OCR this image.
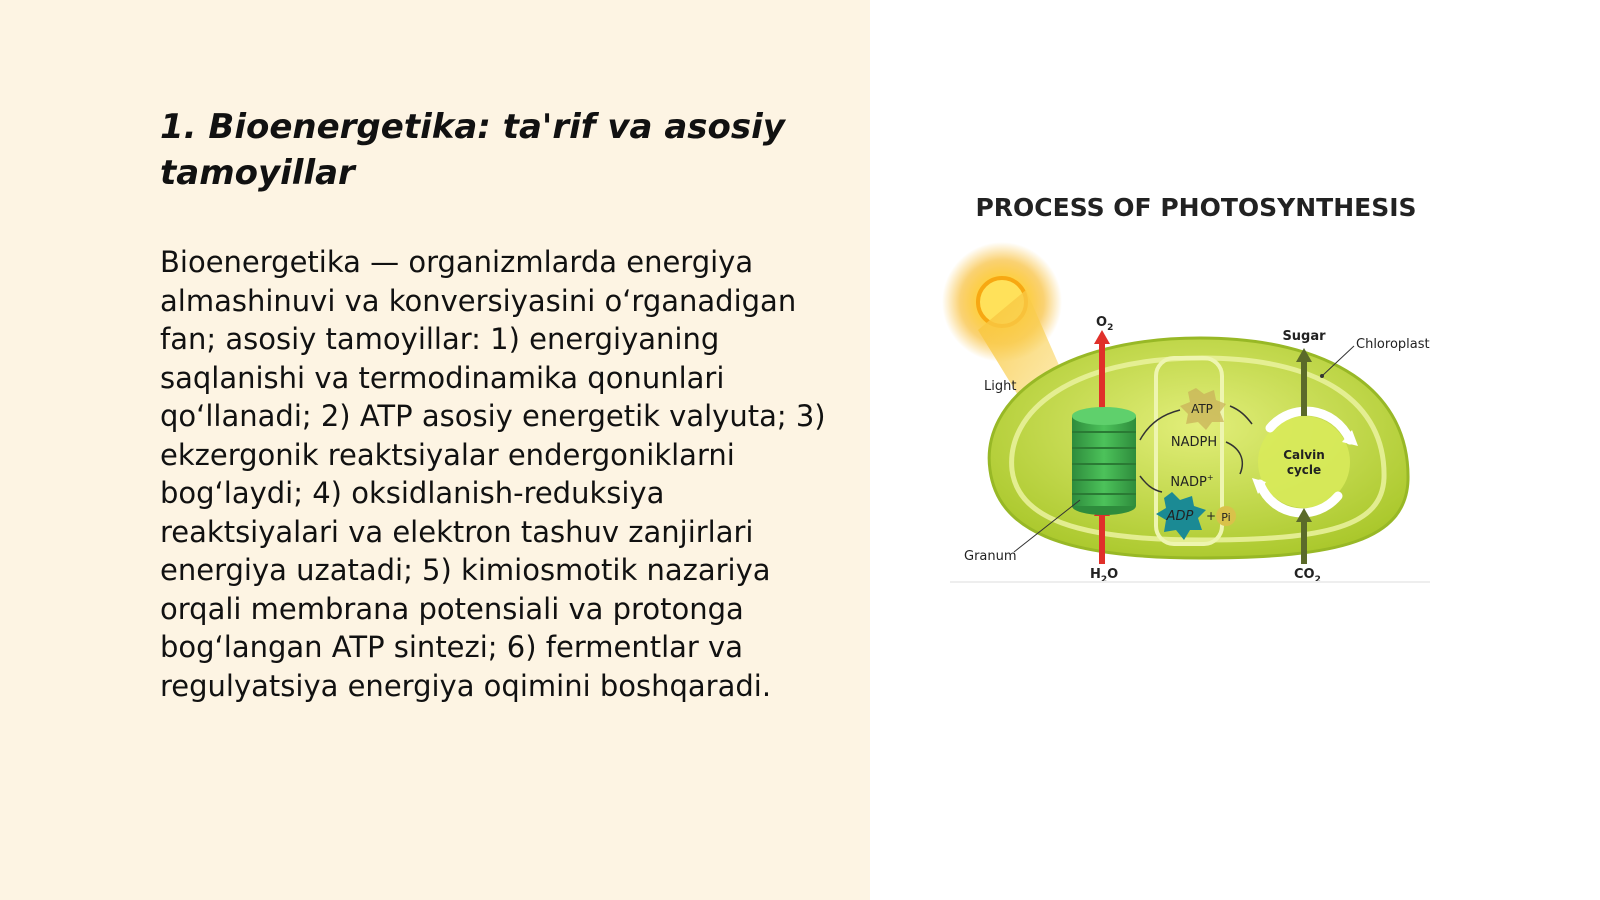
1. Bioenergetika: ta'rif va asosiy tamoyillar

Bioenergetika — organizmlarda energiya almashinuvi va konversiyasini o‘rganadigan fan; asosiy tamoyillar: 1) energiyaning saqlanishi va termodinamika qonunlari qo‘llanadi; 2) ATP asosiy energetik valyuta; 3) ekzergonik reaktsiyalar endergoniklarni bog‘laydi; 4) oksidlanish-reduksiya reaktsiyalari va elektron tashuv zanjirlari energiya uzatadi; 5) kimiosmotik nazariya orqali membrana potensiali va protonga bog‘langan ATP sintezi; 6) fermentlar va regulyatsiya energiya oqimini boshqaradi.

PROCESS OF PHOTOSYNTHESIS
Light
$O_2$
$H_2O$
Granum
ATP
NADPH
NADP+
ADP + Pi
Calvin
cycle
Sugar
$CO_2$
Chloroplast
